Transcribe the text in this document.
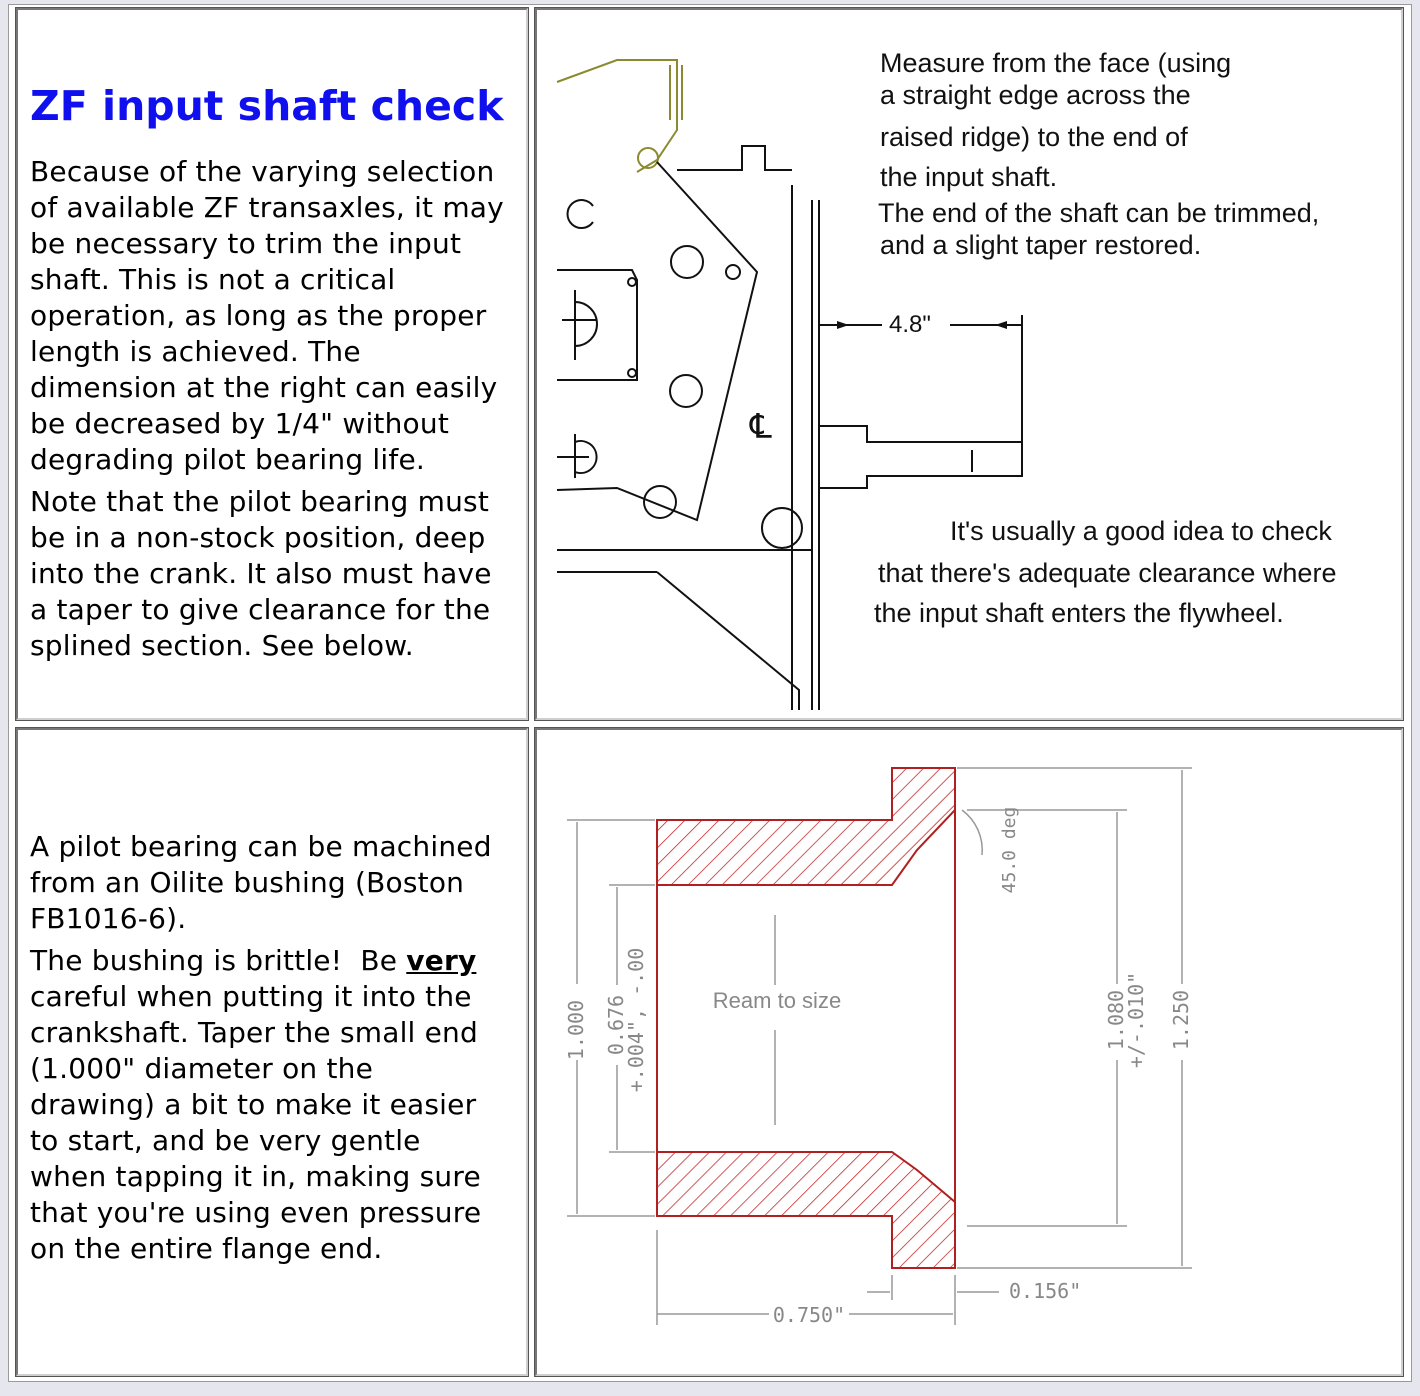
ZF input shaft check

Because of the varying selection
of available ZF transaxles, it may
be necessary to trim the input
shaft. This is not a critical
operation, as long as the proper
length is achieved. The
dimension at the right can easily
be decreased by 1/4" without
degrading pilot bearing life.

Note that the pilot bearing must
be in a non-stock position, deep
into the crank. It also must have
a taper to give clearance for the
splined section. See below.

4.8"
℄
Measure from the face (using
a straight edge across the
raised ridge) to the end of
the input shaft.
The end of the shaft can be trimmed,
and a slight taper restored.
It's usually a good idea to check
that there's adequate clearance where
the input shaft enters the flywheel.

A pilot bearing can be machined
from an Oilite bushing (Boston
FB1016-6).

The bushing is brittle!  Be very
careful when putting it into the
crankshaft. Taper the small end
(1.000" diameter on the
drawing) a bit to make it easier
to start, and be very gentle
when tapping it in, making sure
that you're using even pressure
on the entire flange end.

1.000 0.676
+.004", -.00	1.080
+/-.010" 1.250
45.0 deg
Ream to size
0.750"
0.156"
